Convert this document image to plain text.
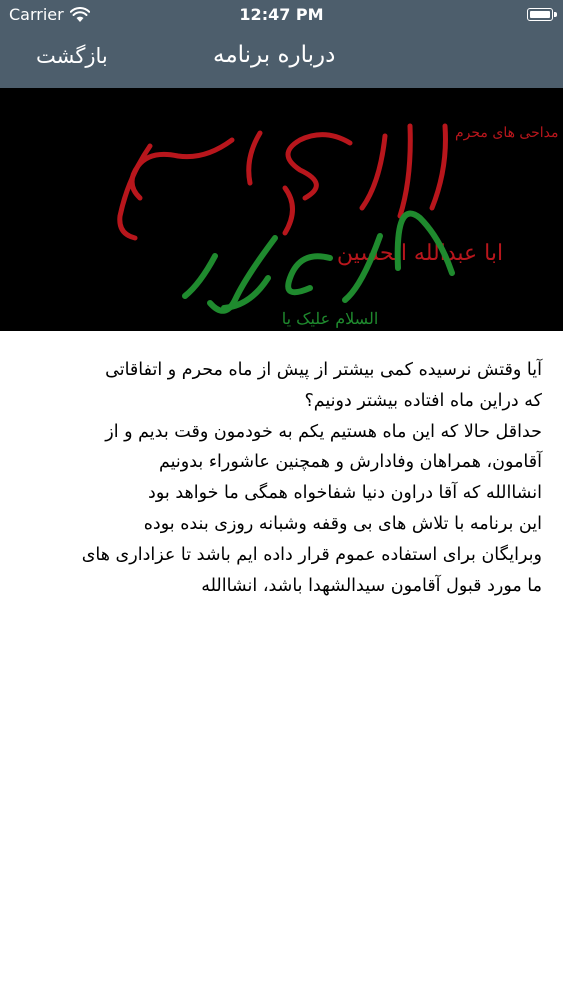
Carrier	12:47 PM
بازگشت	درباره برنامه
مداحی های محرم
ابا عبدالله الحسین
السلام علیک یا

آیا وقتش نرسیده کمی بیشتر از پیش از ماه محرم و اتفاقاتی

که دراین ماه افتاده بیشتر دونیم؟

حداقل حالا که این ماه هستیم یکم به خودمون وقت بدیم و از

آقامون، همراهان وفادارش و همچنین عاشوراء بدونیم

انشاالله که آقا دراون دنیا شفاخواه همگی ما خواهد بود

این برنامه با تلاش های بی وقفه وشبانه روزی بنده بوده

وبرایگان برای استفاده عموم قرار داده ایم باشد تا عزاداری های

ما مورد قبول آقامون سیدالشهدا باشد، انشاالله
